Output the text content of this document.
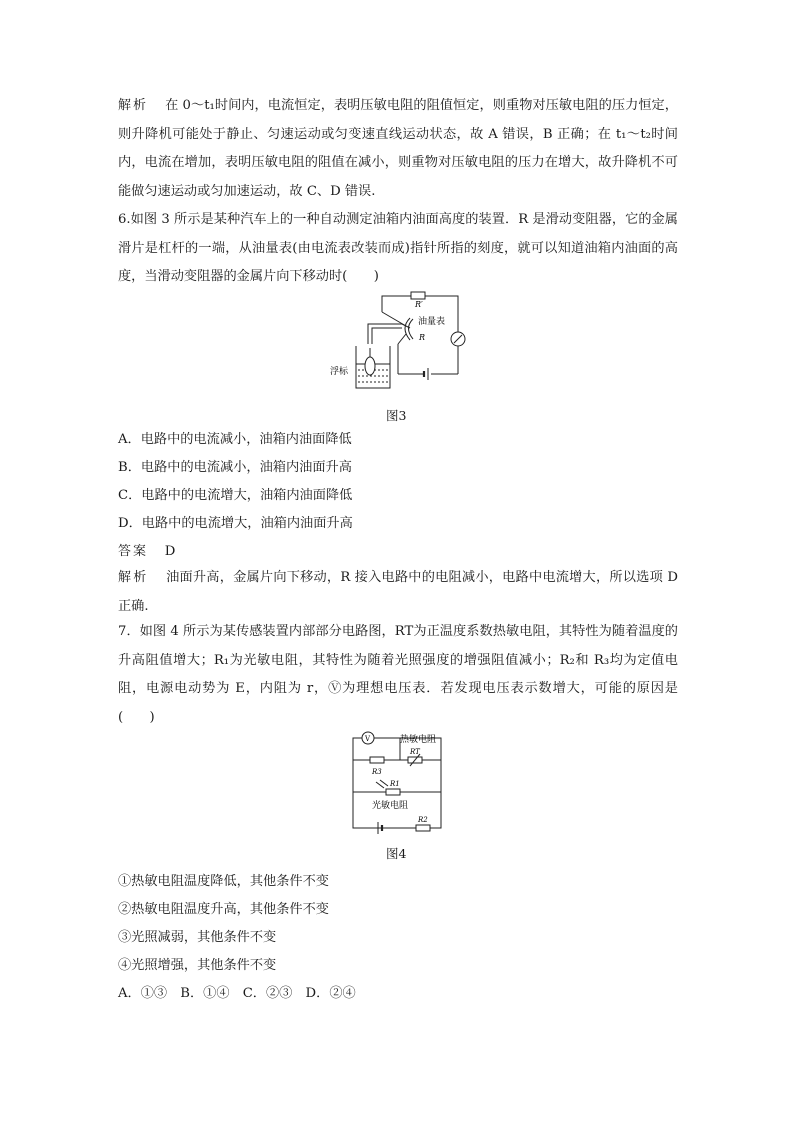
解析 在 0～t₁时间内，电流恒定，表明压敏电阻的阻值恒定，则重物对压敏电阻的压力恒定，则升降机可能处于静止、匀速运动或匀变速直线运动状态，故 A 错误，B 正确；在 t₁～t₂时间内，电流在增加，表明压敏电阻的阻值在减小，则重物对压敏电阻的压力在增大，故升降机不可能做匀速运动或匀加速运动，故 C、D 错误.

6.如图 3 所示是某种汽车上的一种自动测定油箱内油面高度的装置．R 是滑动变阻器，它的金属滑片是杠杆的一端，从油量表(由电流表改装而成)指针所指的刻度，就可以知道油箱内油面的高度，当滑动变阻器的金属片向下移动时(　　)

R′
油量表
R
浮标
图3
A．电路中的电流减小，油箱内油面降低
B．电路中的电流减小，油箱内油面升高
C．电路中的电流增大，油箱内油面降低
D．电路中的电流增大，油箱内油面升高
答案 D

解析 油面升高，金属片向下移动，R 接入电路中的电阻减小，电路中电流增大，所以选项 D 正确.

7．如图 4 所示为某传感装置内部部分电路图，RT为正温度系数热敏电阻，其特性为随着温度的升高阻值增大；R₁为光敏电阻，其特性为随着光照强度的增强阻值减小；R₂和 R₃均为定值电阻，电源电动势为 E，内阻为 r，Ⓥ为理想电压表．若发现电压表示数增大，可能的原因是(　　)

V	热敏电阻
RT
R3
R1
光敏电阻
R2
图4
①热敏电阻温度降低，其他条件不变
②热敏电阻温度升高，其他条件不变
③光照减弱，其他条件不变
④光照增强，其他条件不变
A．①③　B．①④　C．②③　D．②④
